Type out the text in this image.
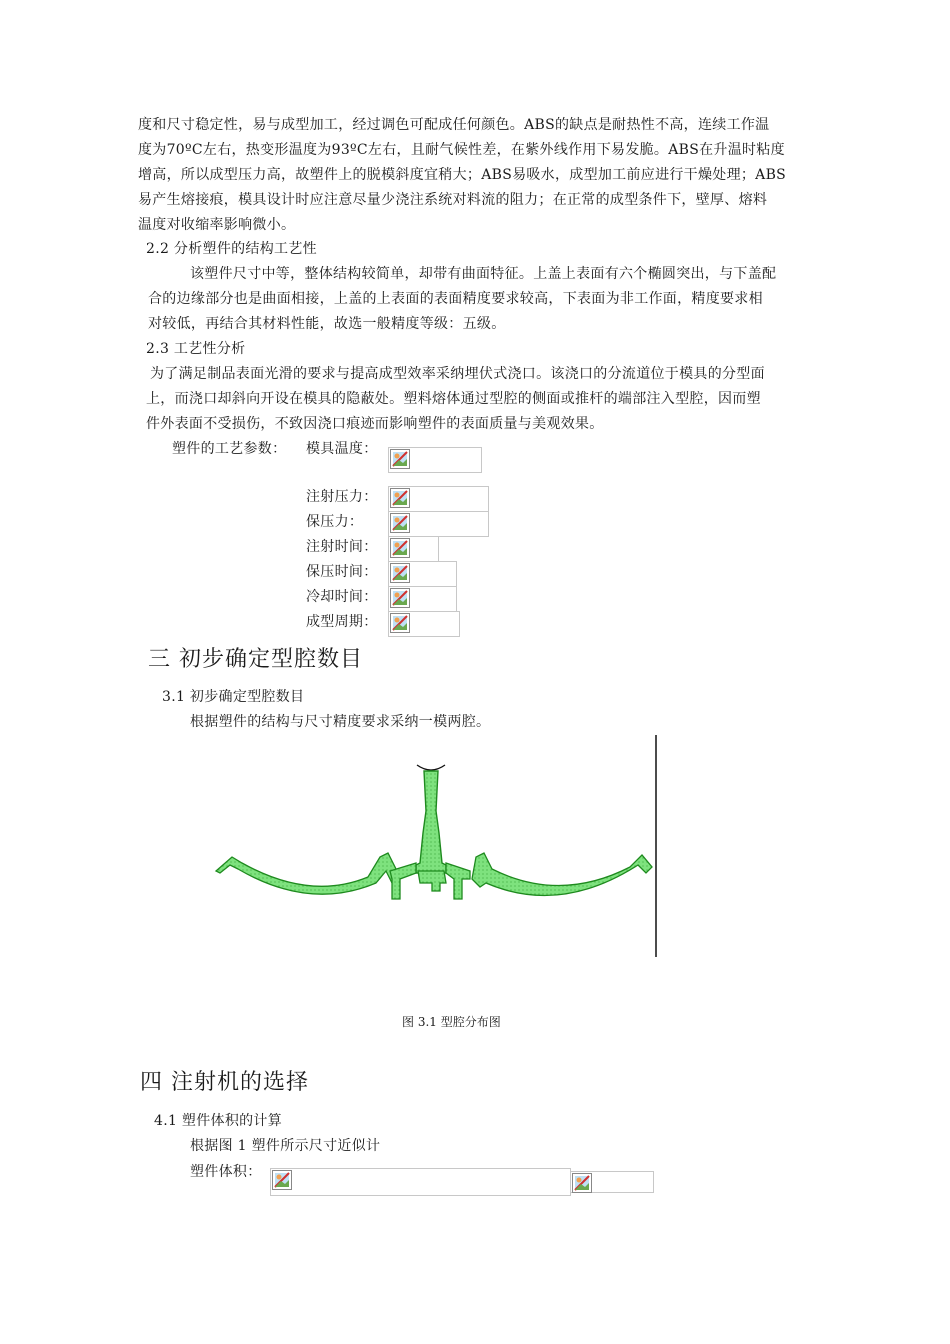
度和尺寸稳定性，易与成型加工，经过调色可配成任何颜色。ABS的缺点是耐热性不高，连续工作温
度为70ºC左右，热变形温度为93ºC左右，且耐气候性差，在紫外线作用下易发脆。ABS在升温时粘度
增高，所以成型压力高，故塑件上的脱模斜度宜稍大；ABS易吸水，成型加工前应进行干燥处理；ABS
易产生熔接痕，模具设计时应注意尽量少浇注系统对料流的阻力；在正常的成型条件下，壁厚、熔料
温度对收缩率影响微小。
2.2 分析塑件的结构工艺性
该塑件尺寸中等，整体结构较简单，却带有曲面特征。上盖上表面有六个椭圆突出，与下盖配
合的边缘部分也是曲面相接，上盖的上表面的表面精度要求较高，下表面为非工作面，精度要求相
对较低，再结合其材料性能，故选一般精度等级：五级。
2.3 工艺性分析
为了满足制品表面光滑的要求与提高成型效率采纳埋伏式浇口。该浇口的分流道位于模具的分型面
上，而浇口却斜向开设在模具的隐蔽处。塑料熔体通过型腔的侧面或推杆的端部注入型腔，因而塑
件外表面不受损伤，不致因浇口痕迹而影响塑件的表面质量与美观效果。
塑件的工艺参数： 模具温度：
注射压力：
保压力：
注射时间：
保压时间：
冷却时间：
成型周期：
三 初步确定型腔数目
3.1 初步确定型腔数目
根据塑件的结构与尺寸精度要求采纳一模两腔。
图 3.1 型腔分布图
四 注射机的选择
4.1 塑件体积的计算
根据图 1 塑件所示尺寸近似计
塑件体积：
